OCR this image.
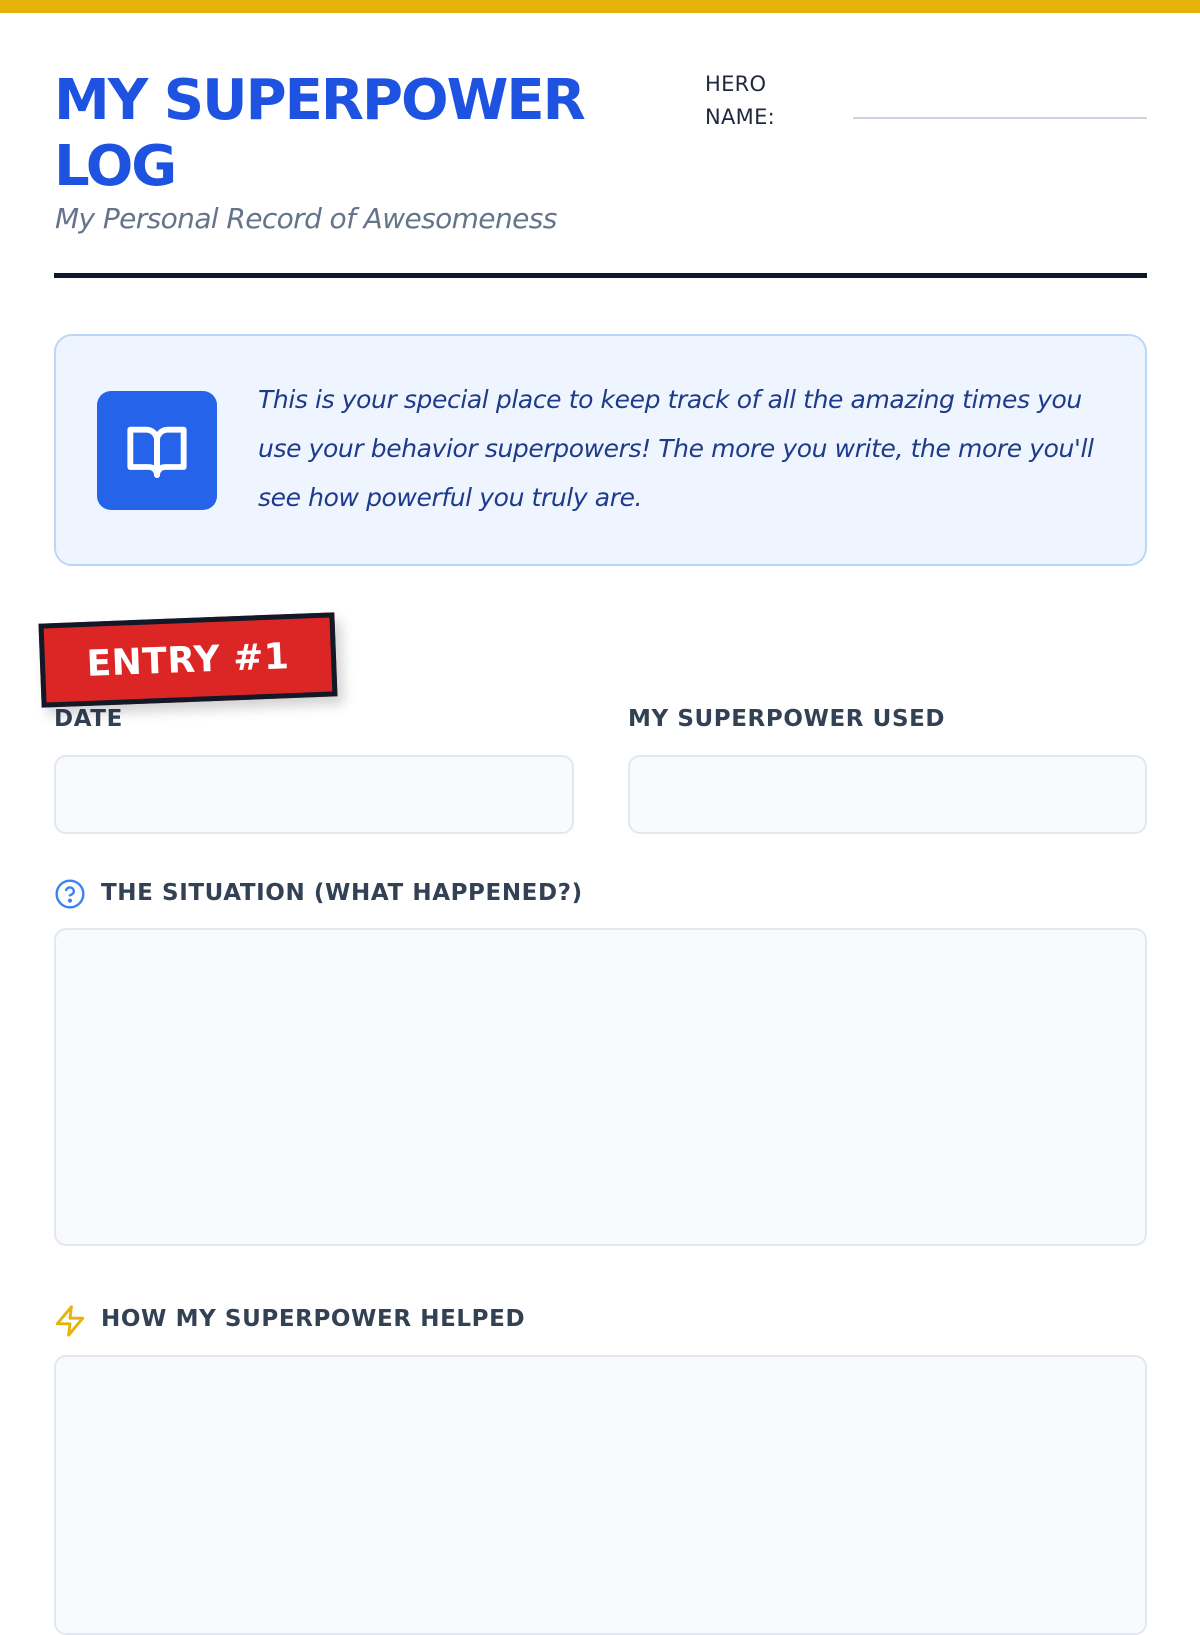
MY SUPERPOWER LOG

My Personal Record of Awesomeness

HERO
NAME:

This is your special place to keep track of all the amazing times you use your behavior superpowers! The more you write, the more you'll see how powerful you truly are.

ENTRY #1
DATE	MY SUPERPOWER USED
THE SITUATION (WHAT HAPPENED?)
HOW MY SUPERPOWER HELPED
